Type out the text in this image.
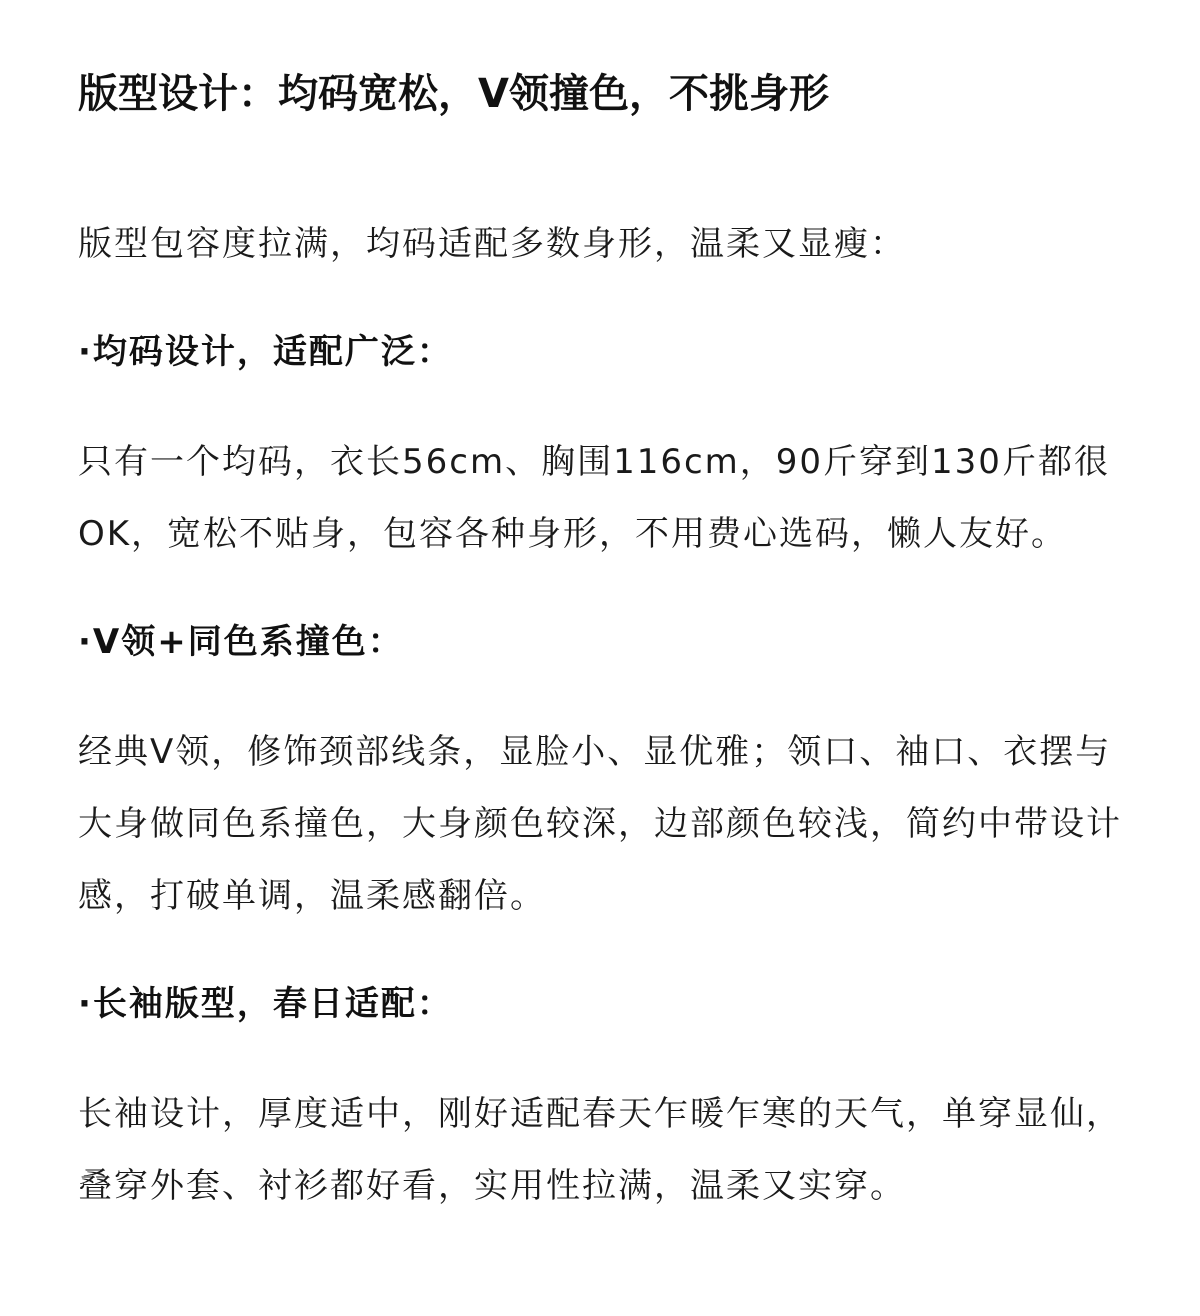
版型设计：均码宽松，V领撞色，不挑身形

版型包容度拉满，均码适配多数身形，温柔又显瘦：

·均码设计，适配广泛：

只有一个均码，衣长56cm、胸围116cm，90斤穿到130斤都很OK，宽松不贴身，包容各种身形，不用费心选码，懒人友好。

·V领+同色系撞色：

经典V领，修饰颈部线条，显脸小、显优雅；领口、袖口、衣摆与大身做同色系撞色，大身颜色较深，边部颜色较浅，简约中带设计感，打破单调，温柔感翻倍。

·长袖版型，春日适配：

长袖设计，厚度适中，刚好适配春天乍暖乍寒的天气，单穿显仙，叠穿外套、衬衫都好看，实用性拉满，温柔又实穿。
